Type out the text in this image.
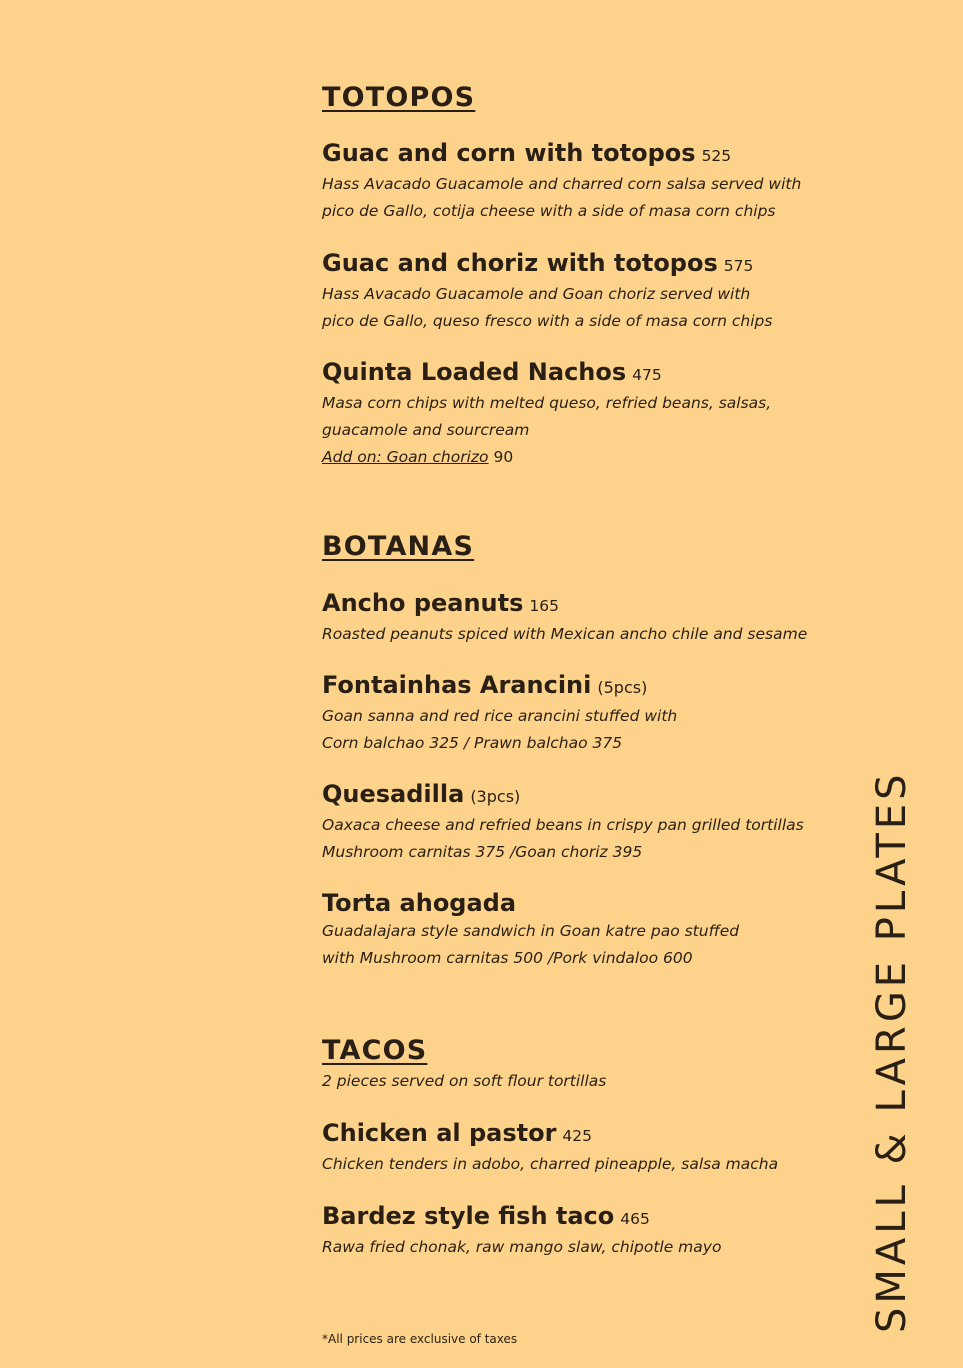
TOTOPOS
Guac and corn with totopos 525
Hass Avacado Guacamole and charred corn salsa served with
pico de Gallo, cotija cheese with a side of masa corn chips
Guac and choriz with totopos 575
Hass Avacado Guacamole and Goan choriz served with
pico de Gallo, queso fresco with a side of masa corn chips
Quinta Loaded Nachos 475
Masa corn chips with melted queso, refried beans, salsas,
guacamole and sourcream
Add on: Goan chorizo 90
BOTANAS
Ancho peanuts 165
Roasted peanuts spiced with Mexican ancho chile and sesame
Fontainhas Arancini (5pcs)
Goan sanna and red rice arancini stuffed with
Corn balchao 325 / Prawn balchao 375
Quesadilla (3pcs)
Oaxaca cheese and refried beans in crispy pan grilled tortillas
Mushroom carnitas 375 /Goan choriz 395
Torta ahogada
Guadalajara style sandwich in Goan katre pao stuffed
with Mushroom carnitas 500 /Pork vindaloo 600
TACOS
2 pieces served on soft flour tortillas
Chicken al pastor 425
Chicken tenders in adobo, charred pineapple, salsa macha
Bardez style fish taco 465
Rawa fried chonak, raw mango slaw, chipotle mayo
*All prices are exclusive of taxes
SMALL & LARGE PLATES
